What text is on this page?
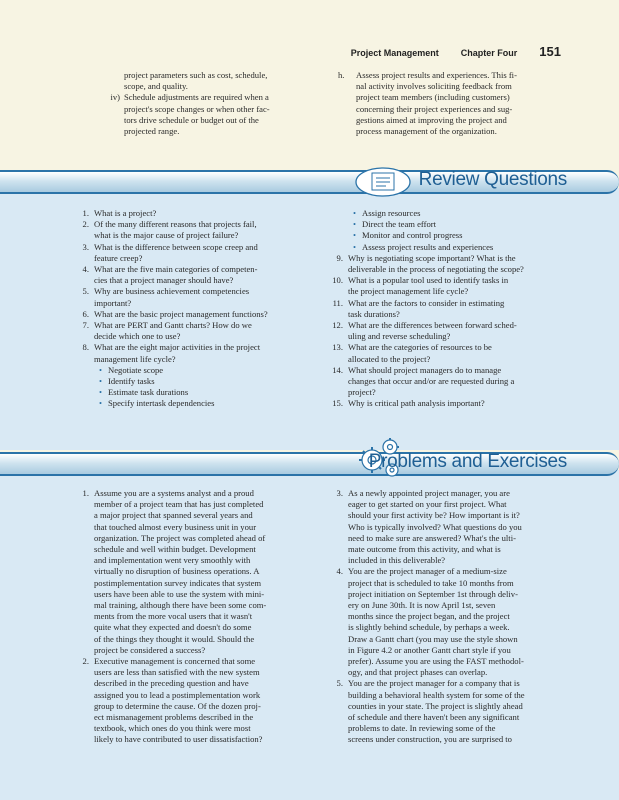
Project Management Chapter Four 151

project parameters such as cost, schedule,

scope, and quality.

iv) Schedule adjustments are required when a

project's scope changes or when other fac-

tors drive schedule or budget out of the

projected range.

h.	Assess project results and experiences. This fi-

nal activity involves soliciting feedback from

project team members (including customers)

concerning their project experiences and sug-

gestions aimed at improving the project and

process management of the organization.

Review Questions
1. What is a project?

2. Of the many different reasons that projects fail,

what is the major cause of project failure?

3. What is the difference between scope creep and

feature creep?

4. What are the five main categories of competen-

cies that a project manager should have?

5. Why are business achievement competencies

important?

6. What are the basic project management functions?

7. What are PERT and Gantt charts? How do we

decide which one to use?

8. What are the eight major activities in the project

management life cycle?

• Negotiate scope
• Identify tasks
• Estimate task durations
• Specify intertask dependencies
• Assign resources
• Direct the team effort
• Monitor and control progress
• Assess project results and experiences
9. Why is negotiating scope important? What is the

deliverable in the process of negotiating the scope?

10. What is a popular tool used to identify tasks in

the project management life cycle?

11. What are the factors to consider in estimating

task durations?

12. What are the differences between forward sched-

uling and reverse scheduling?

13. What are the categories of resources to be

allocated to the project?

14. What should project managers do to manage

changes that occur and/or are requested during a

project?

15. Why is critical path analysis important?

Problems and Exercises
1. Assume you are a systems analyst and a proud

member of a project team that has just completed

a major project that spanned several years and

that touched almost every business unit in your

organization. The project was completed ahead of

schedule and well within budget. Development

and implementation went very smoothly with

virtually no disruption of business operations. A

postimplementation survey indicates that system

users have been able to use the system with mini-

mal training, although there have been some com-

ments from the more vocal users that it wasn't

quite what they expected and doesn't do some

of the things they thought it would. Should the

project be considered a success?

2. Executive management is concerned that some

users are less than satisfied with the new system

described in the preceding question and have

assigned you to lead a postimplementation work

group to determine the cause. Of the dozen proj-

ect mismanagement problems described in the

textbook, which ones do you think were most

likely to have contributed to user dissatisfaction?

3. As a newly appointed project manager, you are

eager to get started on your first project. What

should your first activity be? How important is it?

Who is typically involved? What questions do you

need to make sure are answered? What's the ulti-

mate outcome from this activity, and what is

included in this deliverable?

4. You are the project manager of a medium-size

project that is scheduled to take 10 months from

project initiation on September 1st through deliv-

ery on June 30th. It is now April 1st, seven

months since the project began, and the project

is slightly behind schedule, by perhaps a week.

Draw a Gantt chart (you may use the style shown

in Figure 4.2 or another Gantt chart style if you

prefer). Assume you are using the FAST methodol-

ogy, and that project phases can overlap.

5. You are the project manager for a company that is

building a behavioral health system for some of the

counties in your state. The project is slightly ahead

of schedule and there haven't been any significant

problems to date. In reviewing some of the

screens under construction, you are surprised to
